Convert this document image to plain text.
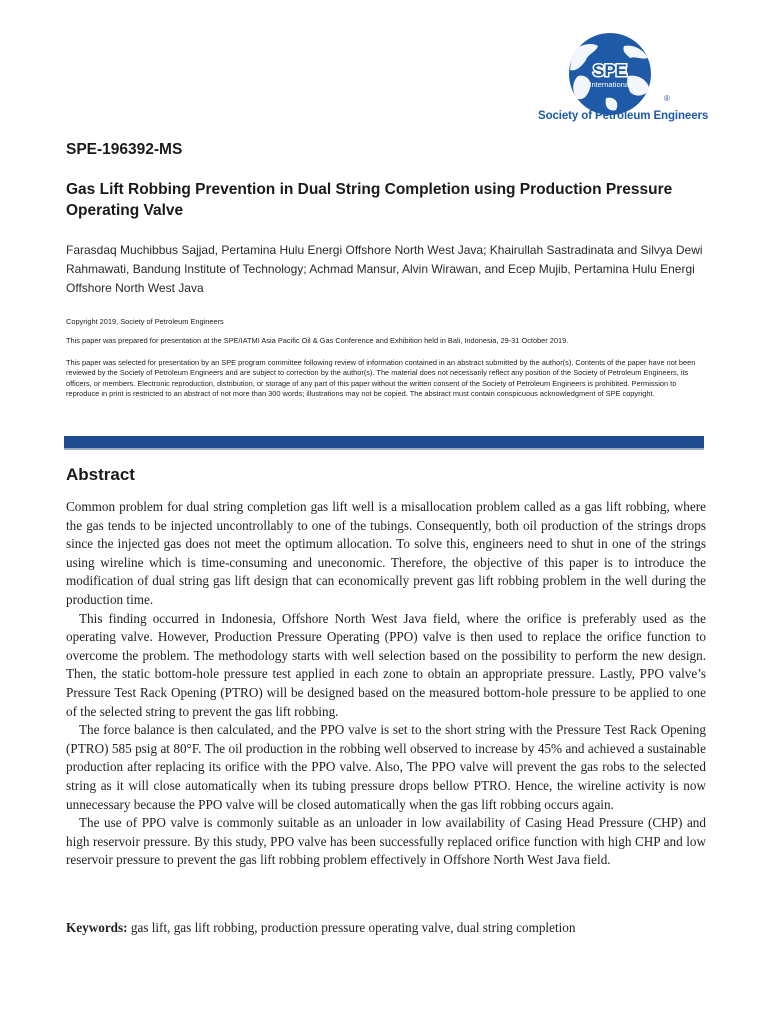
SPE
International
®
Society of Petroleum Engineers
SPE-196392-MS
Gas Lift Robbing Prevention in Dual String Completion using Production Pressure Operating Valve
Farasdaq Muchibbus Sajjad, Pertamina Hulu Energi Offshore North West Java; Khairullah Sastradinata and Silvya Dewi Rahmawati, Bandung Institute of Technology; Achmad Mansur, Alvin Wirawan, and Ecep Mujib, Pertamina Hulu Energi Offshore North West Java
Copyright 2019, Society of Petroleum Engineers
This paper was prepared for presentation at the SPE/IATMI Asia Pacific Oil & Gas Conference and Exhibition held in Bali, Indonesia, 29-31 October 2019.
This paper was selected for presentation by an SPE program committee following review of information contained in an abstract submitted by the author(s). Contents of the paper have not been reviewed by the Society of Petroleum Engineers and are subject to correction by the author(s). The material does not necessarily reflect any position of the Society of Petroleum Engineers, its officers, or members. Electronic reproduction, distribution, or storage of any part of this paper without the written consent of the Society of Petroleum Engineers is prohibited. Permission to reproduce in print is restricted to an abstract of not more than 300 words; illustrations may not be copied. The abstract must contain conspicuous acknowledgment of SPE copyright.
Abstract

Common problem for dual string completion gas lift well is a misallocation problem called as a gas lift robbing, where the gas tends to be injected uncontrollably to one of the tubings. Consequently, both oil production of the strings drops since the injected gas does not meet the optimum allocation. To solve this, engineers need to shut in one of the strings using wireline which is time-consuming and uneconomic. Therefore, the objective of this paper is to introduce the modification of dual string gas lift design that can economically prevent gas lift robbing problem in the well during the production time.

This finding occurred in Indonesia, Offshore North West Java field, where the orifice is preferably used as the operating valve. However, Production Pressure Operating (PPO) valve is then used to replace the orifice function to overcome the problem. The methodology starts with well selection based on the possibility to perform the new design. Then, the static bottom-hole pressure test applied in each zone to obtain an appropriate pressure. Lastly, PPO valve’s Pressure Test Rack Opening (PTRO) will be designed based on the measured bottom-hole pressure to be applied to one of the selected string to prevent the gas lift robbing.

The force balance is then calculated, and the PPO valve is set to the short string with the Pressure Test Rack Opening (PTRO) 585 psig at 80°F. The oil production in the robbing well observed to increase by 45% and achieved a sustainable production after replacing its orifice with the PPO valve. Also, The PPO valve will prevent the gas robs to the selected string as it will close automatically when its tubing pressure drops bellow PTRO. Hence, the wireline activity is now unnecessary because the PPO valve will be closed automatically when the gas lift robbing occurs again.

The use of PPO valve is commonly suitable as an unloader in low availability of Casing Head Pressure (CHP) and high reservoir pressure. By this study, PPO valve has been successfully replaced orifice function with high CHP and low reservoir pressure to prevent the gas lift robbing problem effectively in Offshore North West Java field.

Keywords: gas lift, gas lift robbing, production pressure operating valve, dual string completion
